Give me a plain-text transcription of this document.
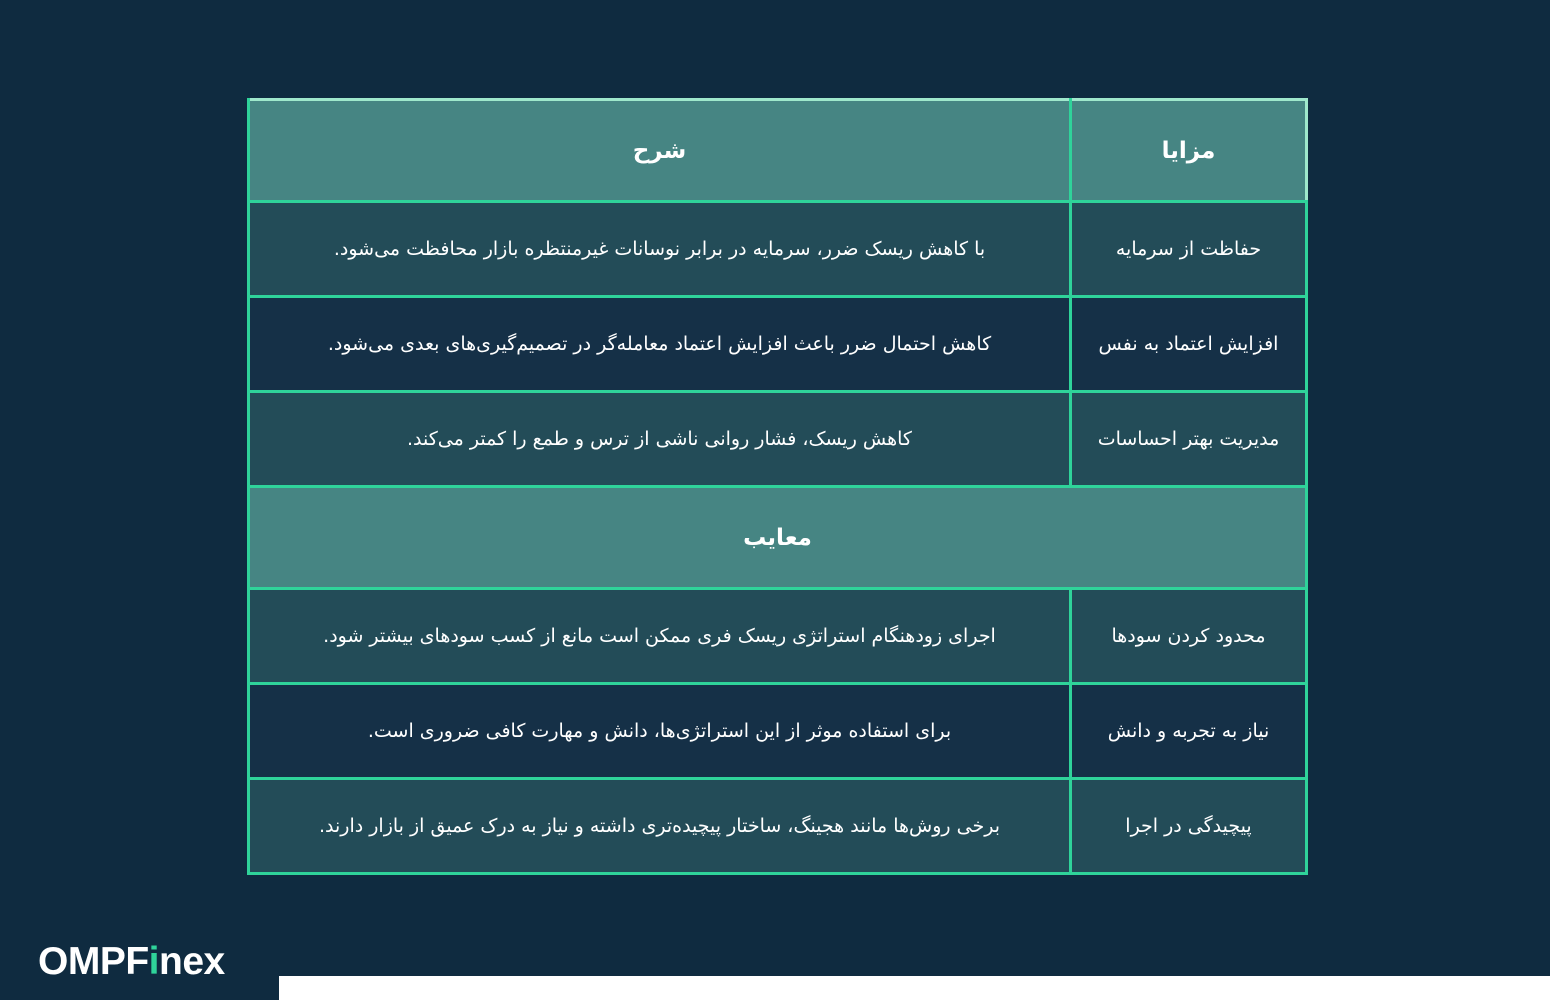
مزایا	شرح
حفاظت از سرمایه	با کاهش ریسک ضرر، سرمایه در برابر نوسانات غیرمنتظره بازار محافظت می‌شود.
افزایش اعتماد به نفس	کاهش احتمال ضرر باعث افزایش اعتماد معامله‌گر در تصمیم‌گیری‌های بعدی می‌شود.
مدیریت بهتر احساسات	کاهش ریسک، فشار روانی ناشی از ترس و طمع را کمتر می‌کند.
معایب	
محدود کردن سودها	اجرای زودهنگام استراتژی ریسک فری ممکن است مانع از کسب سودهای بیشتر شود.
نیاز به تجربه و دانش	برای استفاده موثر از این استراتژی‌ها، دانش و مهارت کافی ضروری است.
پیچیدگی در اجرا	برخی روش‌ها مانند هجینگ، ساختار پیچیده‌تری داشته و نیاز به درک عمیق از بازار دارند.
OMPFinex
